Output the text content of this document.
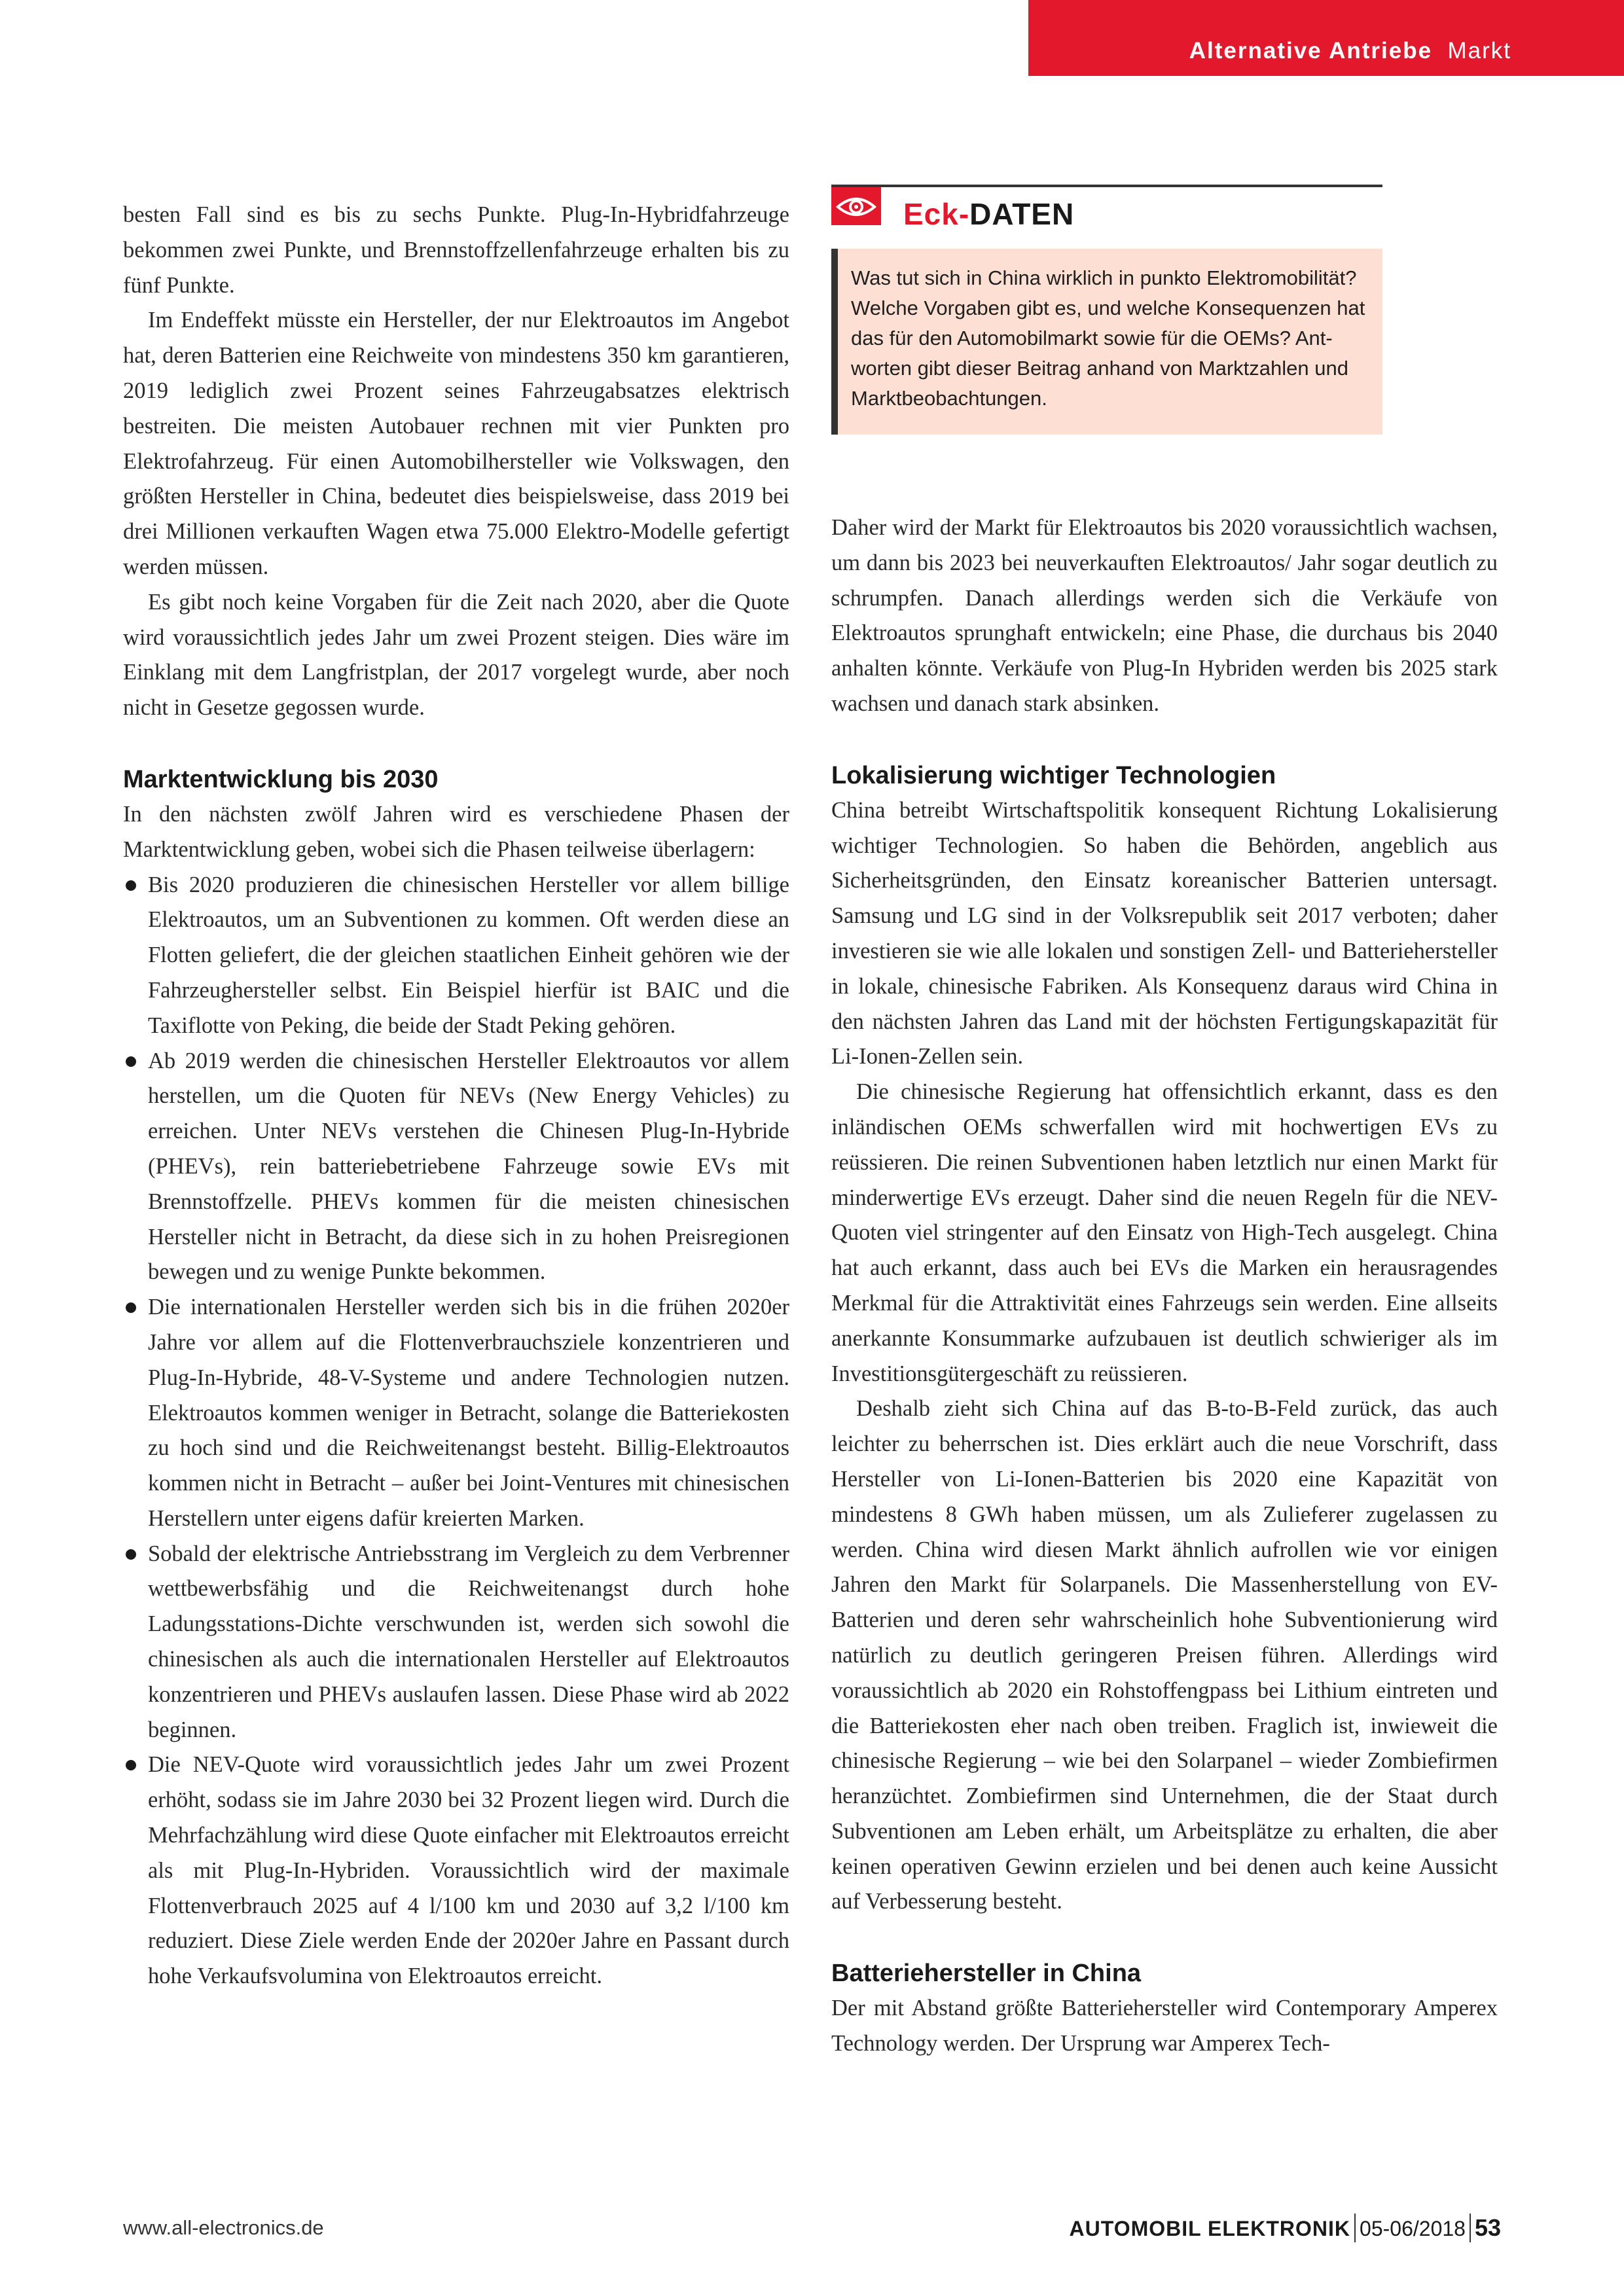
Alternative Antriebe Markt

besten Fall sind es bis zu sechs Punkte. Plug-In-Hybridfahrzeuge bekommen zwei Punkte, und Brennstoffzellenfahrzeuge erhalten bis zu fünf Punkte.

Im Endeffekt müsste ein Hersteller, der nur Elektroautos im Angebot hat, deren Batterien eine Reichweite von mindestens 350 km garantieren, 2019 lediglich zwei Prozent seines Fahrzeugabsatzes elektrisch bestreiten. Die meisten Autobauer rechnen mit vier Punkten pro Elektrofahrzeug. Für einen Automobilhersteller wie Volkswagen, den größten Hersteller in China, bedeutet dies beispielsweise, dass 2019 bei drei Millionen verkauften Wagen etwa 75.000 Elektro-Modelle gefertigt werden müssen.

Es gibt noch keine Vorgaben für die Zeit nach 2020, aber die Quote wird voraussichtlich jedes Jahr um zwei Prozent steigen. Dies wäre im Einklang mit dem Langfristplan, der 2017 vorgelegt wurde, aber noch nicht in Gesetze gegossen wurde.

Marktentwicklung bis 2030

In den nächsten zwölf Jahren wird es verschiedene Phasen der Marktentwicklung geben, wobei sich die Phasen teilweise überlagern:

Bis 2020 produzieren die chinesischen Hersteller vor allem billige Elektroautos, um an Subventionen zu kommen. Oft werden diese an Flotten geliefert, die der gleichen staatlichen Einheit gehören wie der Fahrzeughersteller selbst. Ein Beispiel hierfür ist BAIC und die Taxiflotte von Peking, die beide der Stadt Peking gehören.
Ab 2019 werden die chinesischen Hersteller Elektroautos vor allem herstellen, um die Quoten für NEVs (New Energy Vehicles) zu erreichen. Unter NEVs verstehen die Chinesen Plug-In-Hybride (PHEVs), rein batteriebetriebene Fahrzeuge sowie EVs mit Brennstoffzelle. PHEVs kommen für die meisten chinesischen Hersteller nicht in Betracht, da diese sich in zu hohen Preisregionen bewegen und zu wenige Punkte bekommen.
Die internationalen Hersteller werden sich bis in die frühen 2020er Jahre vor allem auf die Flottenverbrauchsziele konzentrieren und Plug-In-Hybride, 48-V-Systeme und andere Technologien nutzen. Elektroautos kommen weniger in Betracht, solange die Batteriekosten zu hoch sind und die Reichweitenangst besteht. Billig-Elektroautos kommen nicht in Betracht – außer bei Joint-Ventures mit chinesischen Herstellern unter eigens dafür kreierten Marken.
Sobald der elektrische Antriebsstrang im Vergleich zu dem Verbrenner wettbewerbsfähig und die Reichweitenangst durch hohe Ladungsstations-Dichte verschwunden ist, werden sich sowohl die chinesischen als auch die internationalen Hersteller auf Elektroautos konzentrieren und PHEVs auslaufen lassen. Diese Phase wird ab 2022 beginnen.
Die NEV-Quote wird voraussichtlich jedes Jahr um zwei Prozent erhöht, sodass sie im Jahre 2030 bei 32 Prozent liegen wird. Durch die Mehrfachzählung wird diese Quote einfacher mit Elektroautos erreicht als mit Plug-In-Hybriden. Voraussichtlich wird der maximale Flottenverbrauch 2025 auf 4 l/100 km und 2030 auf 3,2 l/100 km reduziert. Diese Ziele werden Ende der 2020er Jahre en Passant durch hohe Verkaufsvolumina von Elektroautos erreicht.
Eck-DATEN
Was tut sich in China wirklich in punkto Elektromobilität? Welche Vorgaben gibt es, und welche Konsequenzen hat das für den Automobilmarkt sowie für die OEMs? Antworten gibt dieser Beitrag anhand von Marktzahlen und Marktbeobachtungen.

Daher wird der Markt für Elektroautos bis 2020 voraussichtlich wachsen, um dann bis 2023 bei neuverkauften Elektroautos/ Jahr sogar deutlich zu schrumpfen. Danach allerdings werden sich die Verkäufe von Elektroautos sprunghaft entwickeln; eine Phase, die durchaus bis 2040 anhalten könnte. Verkäufe von Plug-In Hybriden werden bis 2025 stark wachsen und danach stark absinken.

Lokalisierung wichtiger Technologien

China betreibt Wirtschaftspolitik konsequent Richtung Lokalisierung wichtiger Technologien. So haben die Behörden, angeblich aus Sicherheitsgründen, den Einsatz koreanischer Batterien untersagt. Samsung und LG sind in der Volksrepublik seit 2017 verboten; daher investieren sie wie alle lokalen und sonstigen Zell- und Batteriehersteller in lokale, chinesische Fabriken. Als Konsequenz daraus wird China in den nächsten Jahren das Land mit der höchsten Fertigungskapazität für Li-Ionen-Zellen sein.

Die chinesische Regierung hat offensichtlich erkannt, dass es den inländischen OEMs schwerfallen wird mit hochwertigen EVs zu reüssieren. Die reinen Subventionen haben letztlich nur einen Markt für minderwertige EVs erzeugt. Daher sind die neuen Regeln für die NEV-Quoten viel stringenter auf den Einsatz von High-Tech ausgelegt. China hat auch erkannt, dass auch bei EVs die Marken ein herausragendes Merkmal für die Attraktivität eines Fahrzeugs sein werden. Eine allseits anerkannte Konsummarke aufzubauen ist deutlich schwieriger als im Investitionsgütergeschäft zu reüssieren.

Deshalb zieht sich China auf das B-to-B-Feld zurück, das auch leichter zu beherrschen ist. Dies erklärt auch die neue Vorschrift, dass Hersteller von Li-Ionen-Batterien bis 2020 eine Kapazität von mindestens 8 GWh haben müssen, um als Zulieferer zugelassen zu werden. China wird diesen Markt ähnlich aufrollen wie vor einigen Jahren den Markt für Solarpanels. Die Massenherstellung von EV-Batterien und deren sehr wahrscheinlich hohe Subventionierung wird natürlich zu deutlich geringeren Preisen führen. Allerdings wird voraussichtlich ab 2020 ein Rohstoffengpass bei Lithium eintreten und die Batteriekosten eher nach oben treiben. Fraglich ist, inwieweit die chinesische Regierung – wie bei den Solarpanel – wieder Zombiefirmen heranzüchtet. Zombiefirmen sind Unternehmen, die der Staat durch Subventionen am Leben erhält, um Arbeitsplätze zu erhalten, die aber keinen operativen Gewinn erzielen und bei denen auch keine Aussicht auf Verbesserung besteht.

Batteriehersteller in China

Der mit Abstand größte Batteriehersteller wird Contemporary Amperex Technology werden. Der Ursprung war Amperex Tech-

www.all-electronics.de	AUTOMOBIL ELEKTRONIK 05-06/2018 53
